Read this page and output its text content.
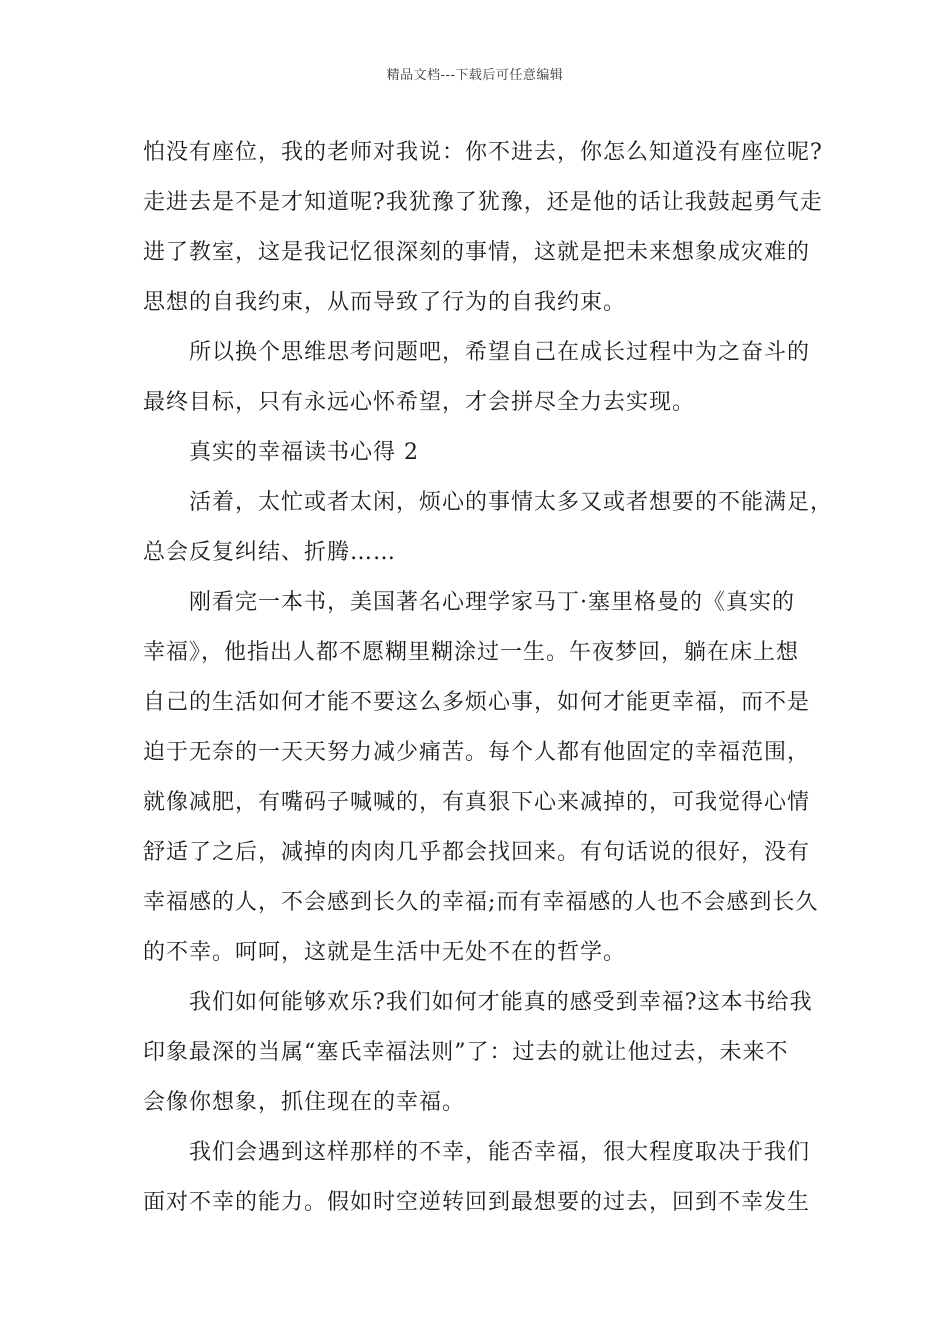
精品文档---下载后可任意编辑

怕没有座位，我的老师对我说：你不进去，你怎么知道没有座位呢?

走进去是不是才知道呢?我犹豫了犹豫，还是他的话让我鼓起勇气走

进了教室，这是我记忆很深刻的事情，这就是把未来想象成灾难的

思想的自我约束，从而导致了行为的自我约束。

　　所以换个思维思考问题吧，希望自己在成长过程中为之奋斗的

最终目标，只有永远心怀希望，才会拼尽全力去实现。

　　真实的幸福读书心得 2

　　活着，太忙或者太闲，烦心的事情太多又或者想要的不能满足，

总会反复纠结、折腾……

　　刚看完一本书，美国著名心理学家马丁·塞里格曼的《真实的

幸福》，他指出人都不愿糊里糊涂过一生。午夜梦回，躺在床上想

自己的生活如何才能不要这么多烦心事，如何才能更幸福，而不是

迫于无奈的一天天努力减少痛苦。每个人都有他固定的幸福范围，

就像减肥，有嘴码子喊喊的，有真狠下心来减掉的，可我觉得心情

舒适了之后，减掉的肉肉几乎都会找回来。有句话说的很好，没有

幸福感的人，不会感到长久的幸福;而有幸福感的人也不会感到长久

的不幸。呵呵，这就是生活中无处不在的哲学。

　　我们如何能够欢乐?我们如何才能真的感受到幸福?这本书给我

印象最深的当属“塞氏幸福法则”了：过去的就让他过去，未来不

会像你想象，抓住现在的幸福。

　　我们会遇到这样那样的不幸，能否幸福，很大程度取决于我们

面对不幸的能力。假如时空逆转回到最想要的过去，回到不幸发生
